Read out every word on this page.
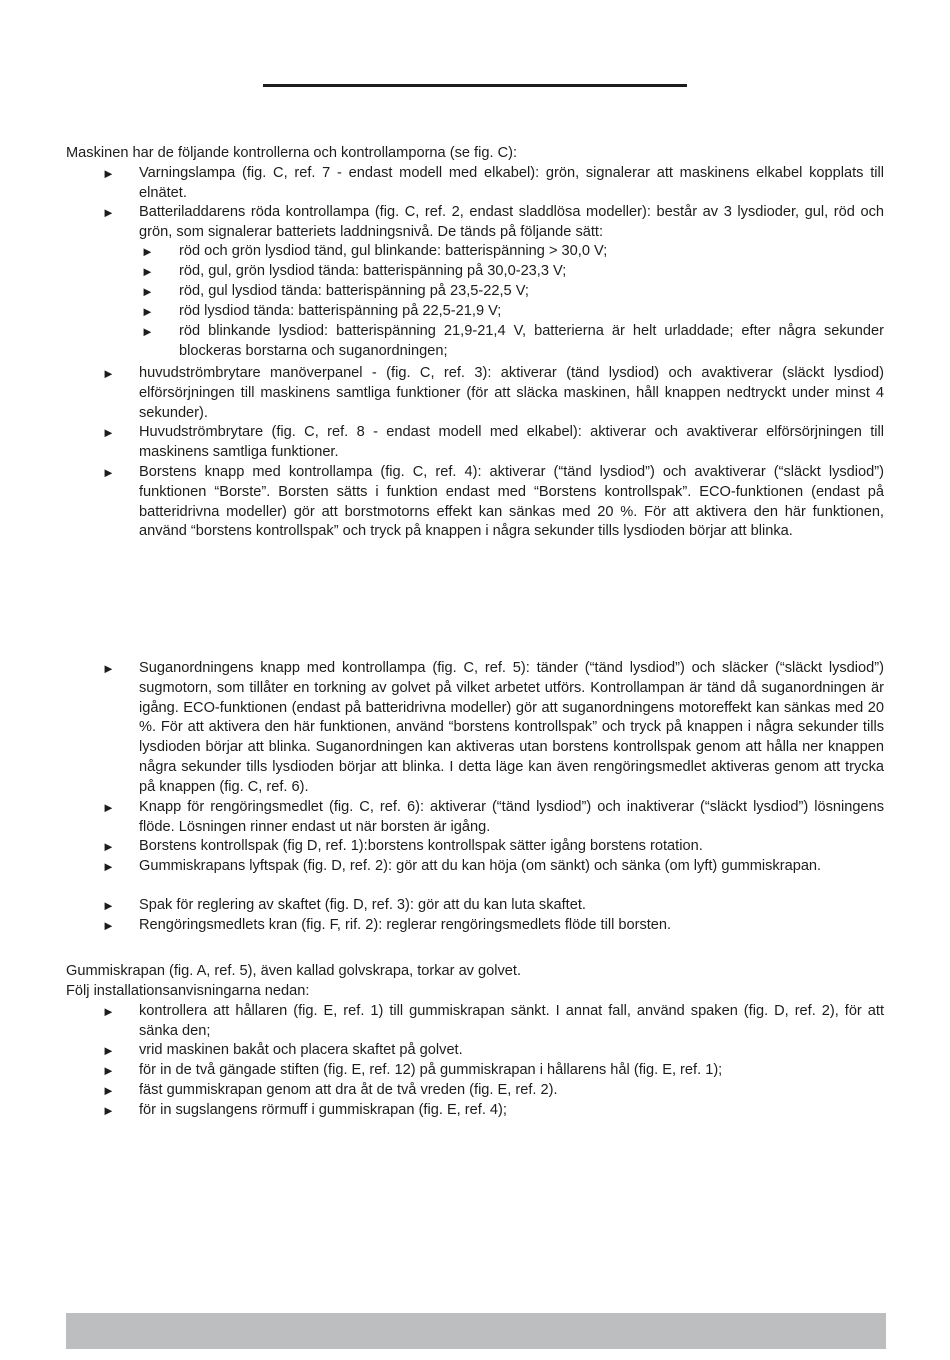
Maskinen har de följande kontrollerna och kontrollamporna (se fig. C):
► Varningslampa (fig. C, ref. 7 - endast modell med elkabel): grön, signalerar att maskinens elkabel kopplats till elnätet.
► Batteriladdarens röda kontrollampa (fig. C, ref. 2, endast sladdlösa modeller): består av 3 lysdioder, gul, röd och grön, som signalerar batteriets laddningsnivå. De tänds på följande sätt:
► röd och grön lysdiod tänd, gul blinkande: batterispänning > 30,0 V;
► röd, gul, grön lysdiod tända: batterispänning på 30,0-23,3 V;
► röd, gul lysdiod tända: batterispänning på 23,5-22,5 V;
► röd lysdiod tända: batterispänning på 22,5-21,9 V;
► röd blinkande lysdiod: batterispänning 21,9-21,4 V, batterierna är helt urladdade; efter några sekunder blockeras borstarna och suganordningen;
► huvudströmbrytare manöverpanel - (fig. C, ref. 3): aktiverar (tänd lysdiod) och avaktiverar (släckt lysdiod) elförsörjningen till maskinens samtliga funktioner (för att släcka maskinen, håll knappen nedtryckt under minst 4 sekunder).
► Huvudströmbrytare (fig. C, ref. 8 - endast modell med elkabel): aktiverar och avaktiverar elförsörjningen till maskinens samtliga funktioner.
► Borstens knapp med kontrollampa (fig. C, ref. 4): aktiverar (“tänd lysdiod”) och avaktiverar (“släckt lysdiod”) funktionen “Borste”. Borsten sätts i funktion endast med “Borstens kontrollspak”. ECO-funktionen (endast på batteridrivna modeller) gör att borstmotorns effekt kan sänkas med 20 %. För att aktivera den här funktionen, använd “borstens kontrollspak” och tryck på knappen i några sekunder tills lysdioden börjar att blinka.
► Suganordningens knapp med kontrollampa (fig. C, ref. 5): tänder (“tänd lysdiod”) och släcker (“släckt lysdiod”) sugmotorn, som tillåter en torkning av golvet på vilket arbetet utförs. Kontrollampan är tänd då suganordningen är igång. ECO-funktionen (endast på batteridrivna modeller) gör att suganordningens motoreffekt kan sänkas med 20 %. För att aktivera den här funktionen, använd “borstens kontrollspak” och tryck på knappen i några sekunder tills lysdioden börjar att blinka. Suganordningen kan aktiveras utan borstens kontrollspak genom att hålla ner knappen några sekunder tills lysdioden börjar att blinka. I detta läge kan även rengöringsmedlet aktiveras genom att trycka på knappen (fig. C, ref. 6).
► Knapp för rengöringsmedlet (fig. C, ref. 6): aktiverar (“tänd lysdiod”) och inaktiverar (“släckt lysdiod”) lösningens flöde. Lösningen rinner endast ut när borsten är igång.
► Borstens kontrollspak (fig D, ref. 1):borstens kontrollspak sätter igång borstens rotation.
► Gummiskrapans lyftspak (fig. D, ref. 2): gör att du kan höja (om sänkt) och sänka (om lyft) gummiskrapan.
► Spak för reglering av skaftet (fig. D, ref. 3): gör att du kan luta skaftet.
► Rengöringsmedlets kran (fig. F, rif. 2): reglerar rengöringsmedlets flöde till borsten.
Gummiskrapan (fig. A, ref. 5), även kallad golvskrapa, torkar av golvet.
Följ installationsanvisningarna nedan:
► kontrollera att hållaren (fig. E, ref. 1) till gummiskrapan sänkt. I annat fall, använd spaken (fig. D, ref. 2), för att sänka den;
► vrid maskinen bakåt och placera skaftet på golvet.
► för in de två gängade stiften (fig. E, ref. 12) på gummiskrapan i hållarens hål (fig. E, ref. 1);
► fäst gummiskrapan genom att dra åt de två vreden (fig. E, ref. 2).
► för in sugslangens rörmuff i gummiskrapan (fig. E, ref. 4);
